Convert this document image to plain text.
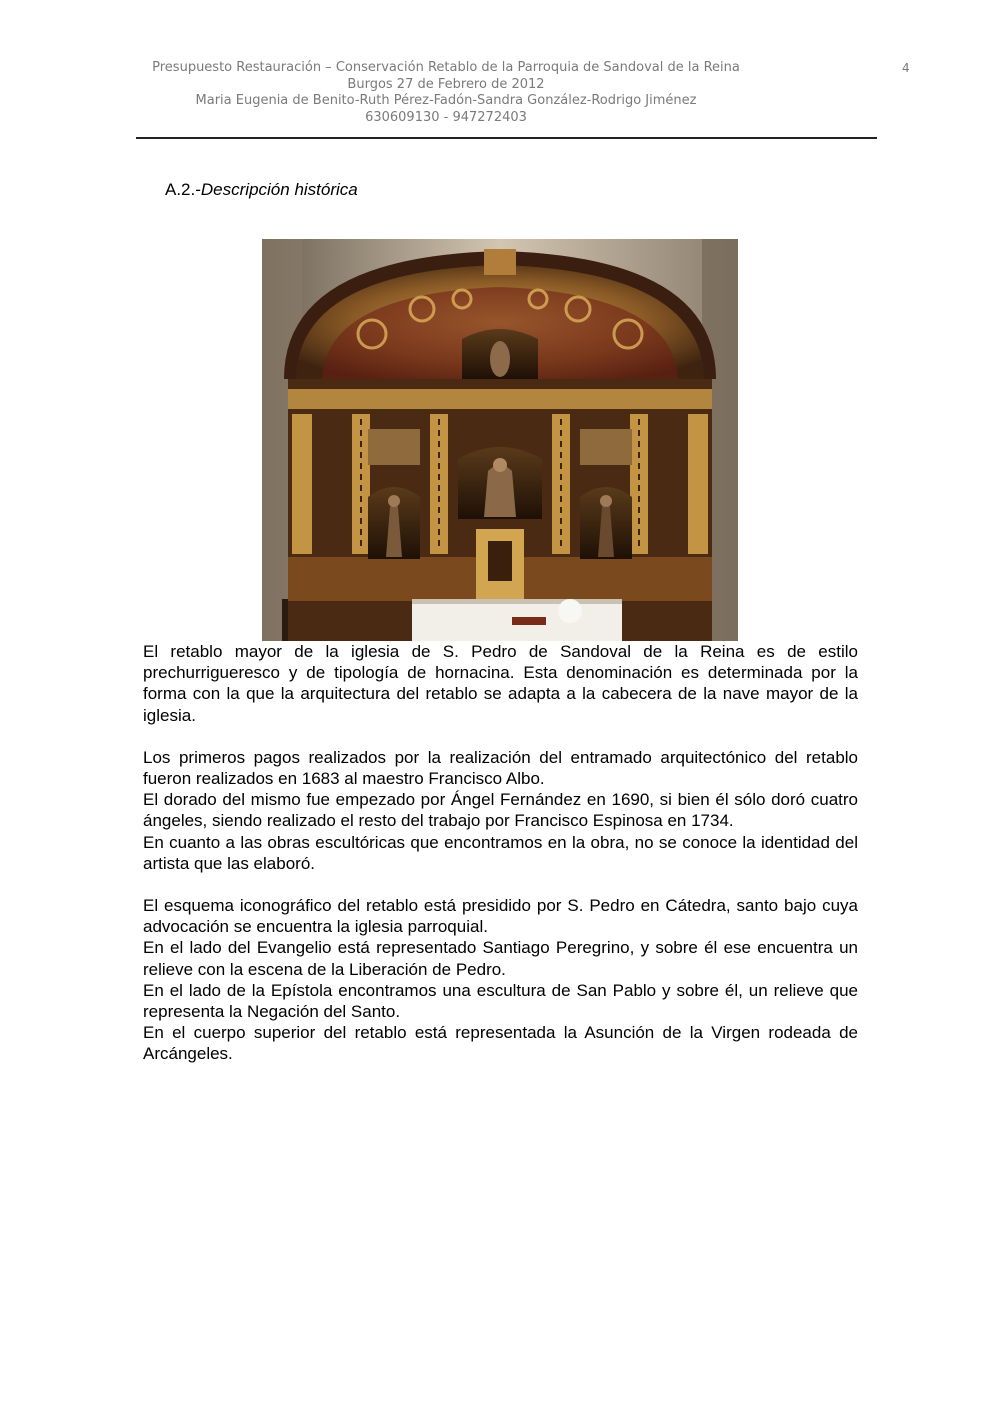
Presupuesto Restauración – Conservación Retablo de la Parroquia de Sandoval de la Reina
Burgos 27 de Febrero de 2012
Maria Eugenia de Benito-Ruth Pérez-Fadón-Sandra González-Rodrigo Jiménez
630609130 - 947272403
4
A.2.-Descripción histórica

El retablo mayor de la iglesia de S. Pedro de Sandoval de la Reina es de estilo prechurrigueresco y de tipología de hornacina. Esta denominación es determinada por la forma con la que la arquitectura del retablo se adapta a la cabecera de la nave mayor de la iglesia.

Los primeros pagos realizados por la realización del entramado arquitectónico del retablo fueron realizados en 1683 al maestro Francisco Albo.

El dorado del mismo fue empezado por Ángel Fernández en 1690, si bien él sólo doró cuatro ángeles, siendo realizado el resto del trabajo por Francisco Espinosa en 1734.

En cuanto a las obras escultóricas que encontramos en la obra, no se conoce la identidad del artista que las elaboró.

El esquema iconográfico del retablo está presidido por S. Pedro en Cátedra, santo bajo cuya advocación se encuentra la iglesia parroquial.

En el lado del Evangelio está representado Santiago Peregrino, y sobre él ese encuentra un relieve con la escena de la Liberación de Pedro.

En el lado de la Epístola encontramos una escultura de San Pablo y sobre él, un relieve que representa la Negación del Santo.

En el cuerpo superior del retablo está representada la Asunción de la Virgen rodeada de Arcángeles.
